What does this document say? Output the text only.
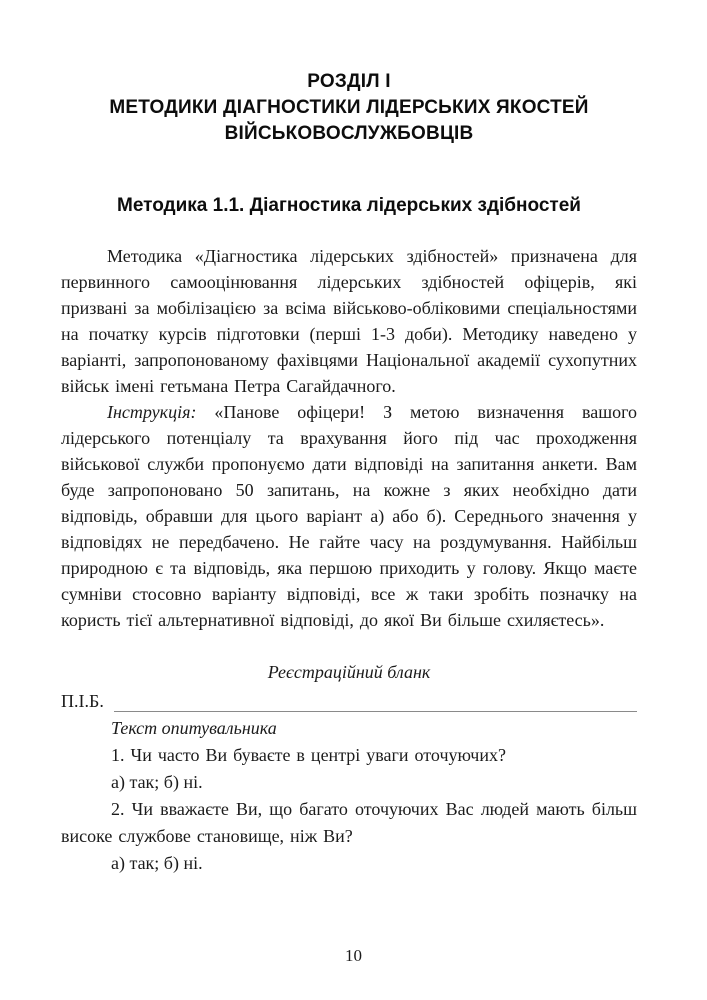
РОЗДІЛ І
МЕТОДИКИ ДІАГНОСТИКИ ЛІДЕРСЬКИХ ЯКОСТЕЙ
ВІЙСЬКОВОСЛУЖБОВЦІВ
Методика 1.1. Діагностика лідерських здібностей

Методика «Діагностика лідерських здібностей» призначена для первинного самооцінювання лідерських здібностей офіцерів, які призвані за мобілізацією за всіма військово-обліковими спеціальностями на початку курсів підготовки (перші 1-3 доби). Методику наведено у варіанті, запропонованому фахівцями Національної академії сухопутних військ імені гетьмана Петра Сагайдачного.

Інструкція: «Панове офіцери! З метою визначення вашого лідерського потенціалу та врахування його під час проходження військової служби пропонуємо дати відповіді на запитання анкети. Вам буде запропоновано 50 запитань, на кожне з яких необхідно дати відповідь, обравши для цього варіант а) або б). Середнього значення у відповідях не передбачено. Не гайте часу на роздумування. Найбільш природною є та відповідь, яка першою приходить у голову. Якщо маєте сумніви стосовно варіанту відповіді, все ж таки зробіть позначку на користь тієї альтернативної відповіді, до якої Ви більше схиляєтесь».

Реєстраційний бланк
П.І.Б.
Текст опитувальника

1. Чи часто Ви буваєте в центрі уваги оточуючих?

а) так; б) ні.

2. Чи вважаєте Ви, що багато оточуючих Вас людей мають більш високе службове становище, ніж Ви?

а) так; б) ні.

10
